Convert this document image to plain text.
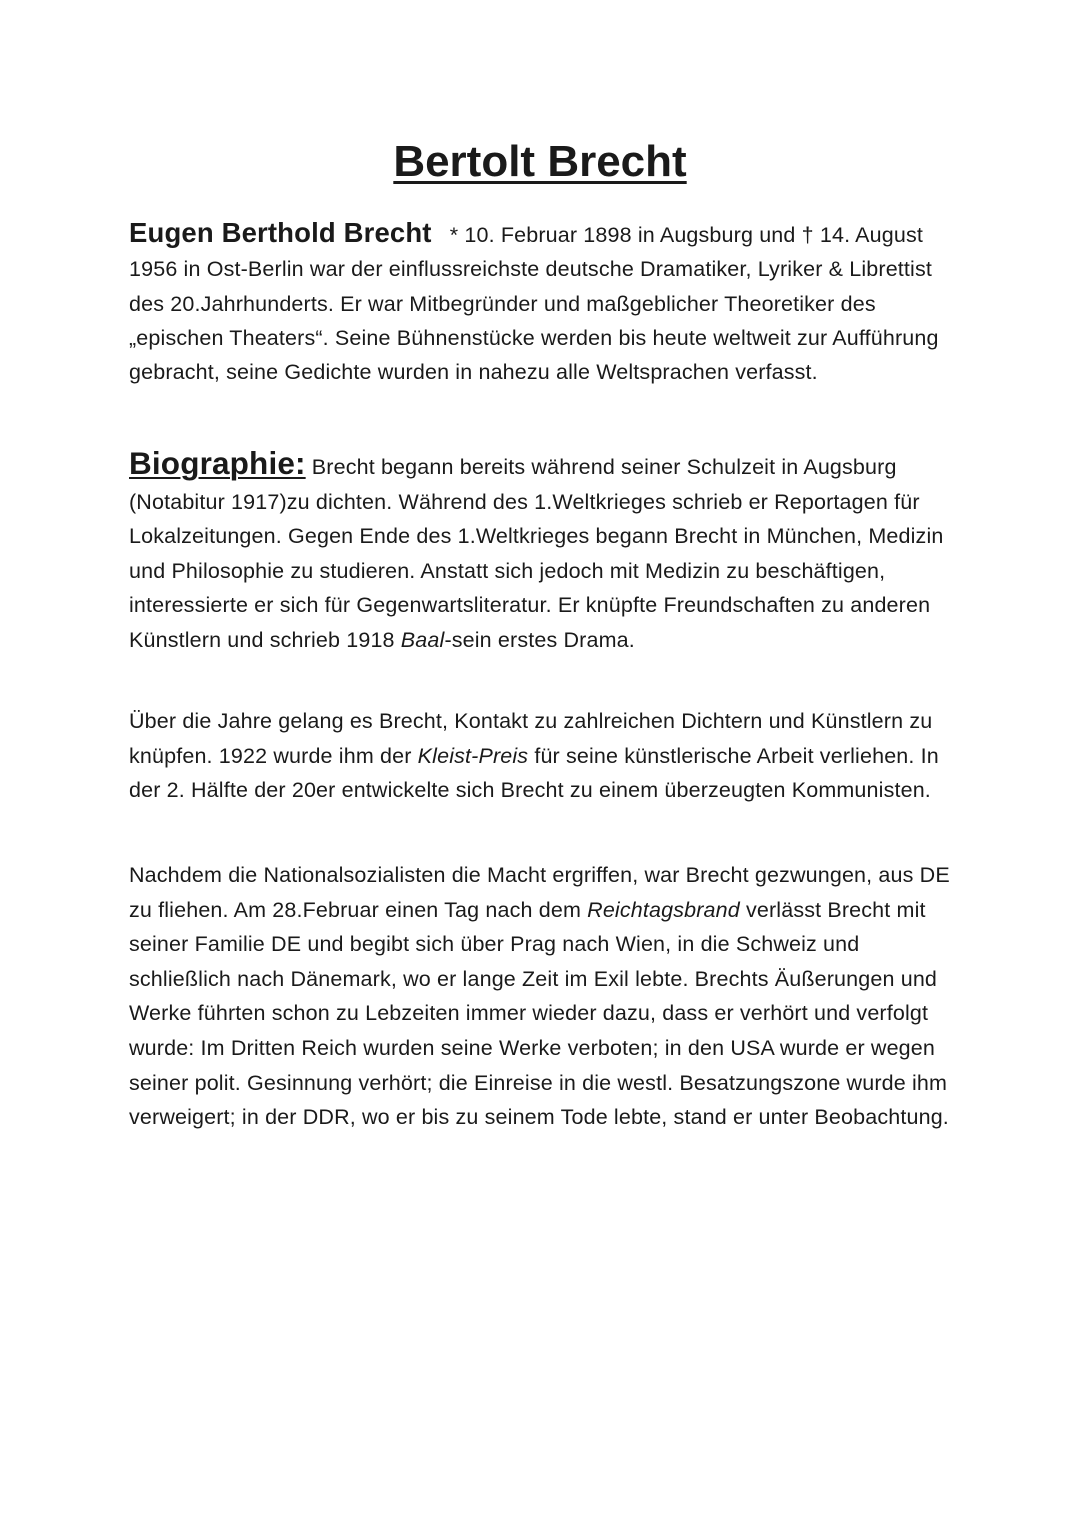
Bertolt Brecht
Eugen Berthold Brecht * 10. Februar 1898 in Augsburg und † 14. August 1956 in Ost-Berlin war der einflussreichste deutsche Dramatiker, Lyriker & Librettist des 20.Jahrhunderts. Er war Mitbegründer und maßgeblicher Theoretiker des „epischen Theaters“. Seine Bühnenstücke werden bis heute weltweit zur Aufführung gebracht, seine Gedichte wurden in nahezu alle Weltsprachen verfasst.
Biographie: Brecht begann bereits während seiner Schulzeit in Augsburg (Notabitur 1917)zu dichten. Während des 1.Weltkrieges schrieb er Reportagen für Lokalzeitungen. Gegen Ende des 1.Weltkrieges begann Brecht in München, Medizin und Philosophie zu studieren. Anstatt sich jedoch mit Medizin zu beschäftigen, interessierte er sich für Gegenwartsliteratur. Er knüpfte Freundschaften zu anderen Künstlern und schrieb 1918 Baal-sein erstes Drama.
Über die Jahre gelang es Brecht, Kontakt zu zahlreichen Dichtern und Künstlern zu knüpfen. 1922 wurde ihm der Kleist-Preis für seine künstlerische Arbeit verliehen. In der 2. Hälfte der 20er entwickelte sich Brecht zu einem überzeugten Kommunisten.
Nachdem die Nationalsozialisten die Macht ergriffen, war Brecht gezwungen, aus DE zu fliehen. Am 28.Februar einen Tag nach dem Reichtagsbrand verlässt Brecht mit seiner Familie DE und begibt sich über Prag nach Wien, in die Schweiz und schließlich nach Dänemark, wo er lange Zeit im Exil lebte. Brechts Äußerungen und Werke führten schon zu Lebzeiten immer wieder dazu, dass er verhört und verfolgt wurde: Im Dritten Reich wurden seine Werke verboten; in den USA wurde er wegen seiner polit. Gesinnung verhört; die Einreise in die westl. Besatzungszone wurde ihm verweigert; in der DDR, wo er bis zu seinem Tode lebte, stand er unter Beobachtung.
